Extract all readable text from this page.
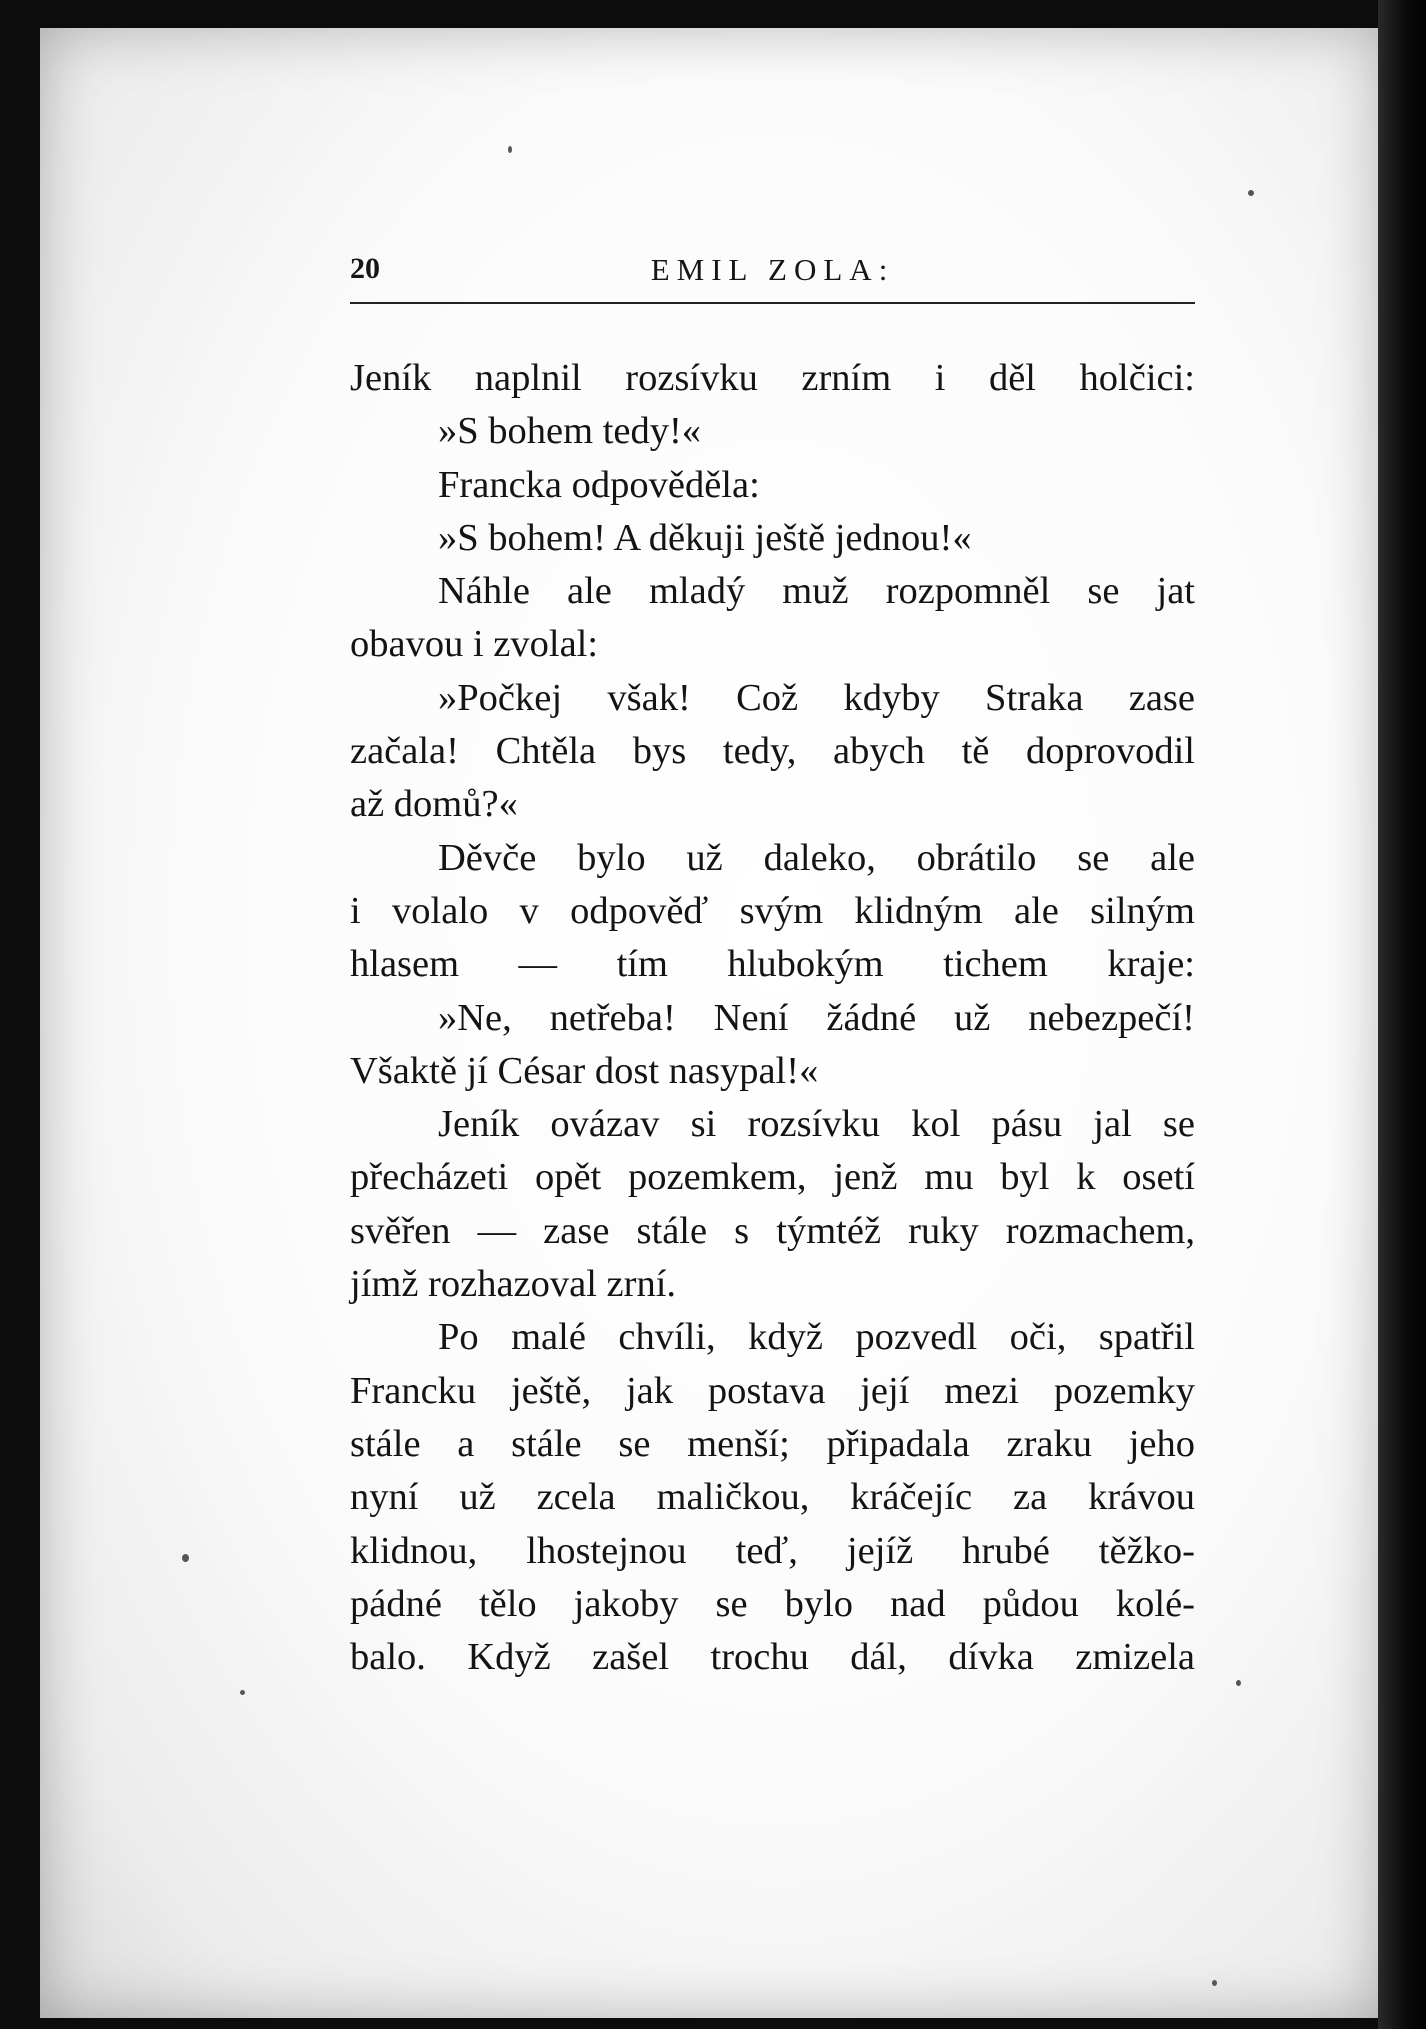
20	EMIL ZOLA:
Jeník naplnil rozsívku zrním i děl holčici:
»S bohem tedy!«
Francka odpověděla:
»S bohem! A děkuji ještě jednou!«
Náhle ale mladý muž rozpomněl se jat
obavou i zvolal:
»Počkej však! Což kdyby Straka zase
začala! Chtěla bys tedy, abych tě doprovodil
až domů?«
Děvče bylo už daleko, obrátilo se ale
i volalo v odpověď svým klidným ale silným
hlasem — tím hlubokým tichem kraje:
»Ne, netřeba! Není žádné už nebezpečí!
Všaktě jí César dost nasypal!«
Jeník ovázav si rozsívku kol pásu jal se
přecházeti opět pozemkem, jenž mu byl k osetí
svěřen — zase stále s týmtéž ruky rozmachem,
jímž rozhazoval zrní.
Po malé chvíli, když pozvedl oči, spatřil
Francku ještě, jak postava její mezi pozemky
stále a stále se menší; připadala zraku jeho
nyní už zcela maličkou, kráčejíc za krávou
klidnou, lhostejnou teď, jejíž hrubé těžko-
pádné tělo jakoby se bylo nad půdou kolé-
balo. Když zašel trochu dál, dívka zmizela
